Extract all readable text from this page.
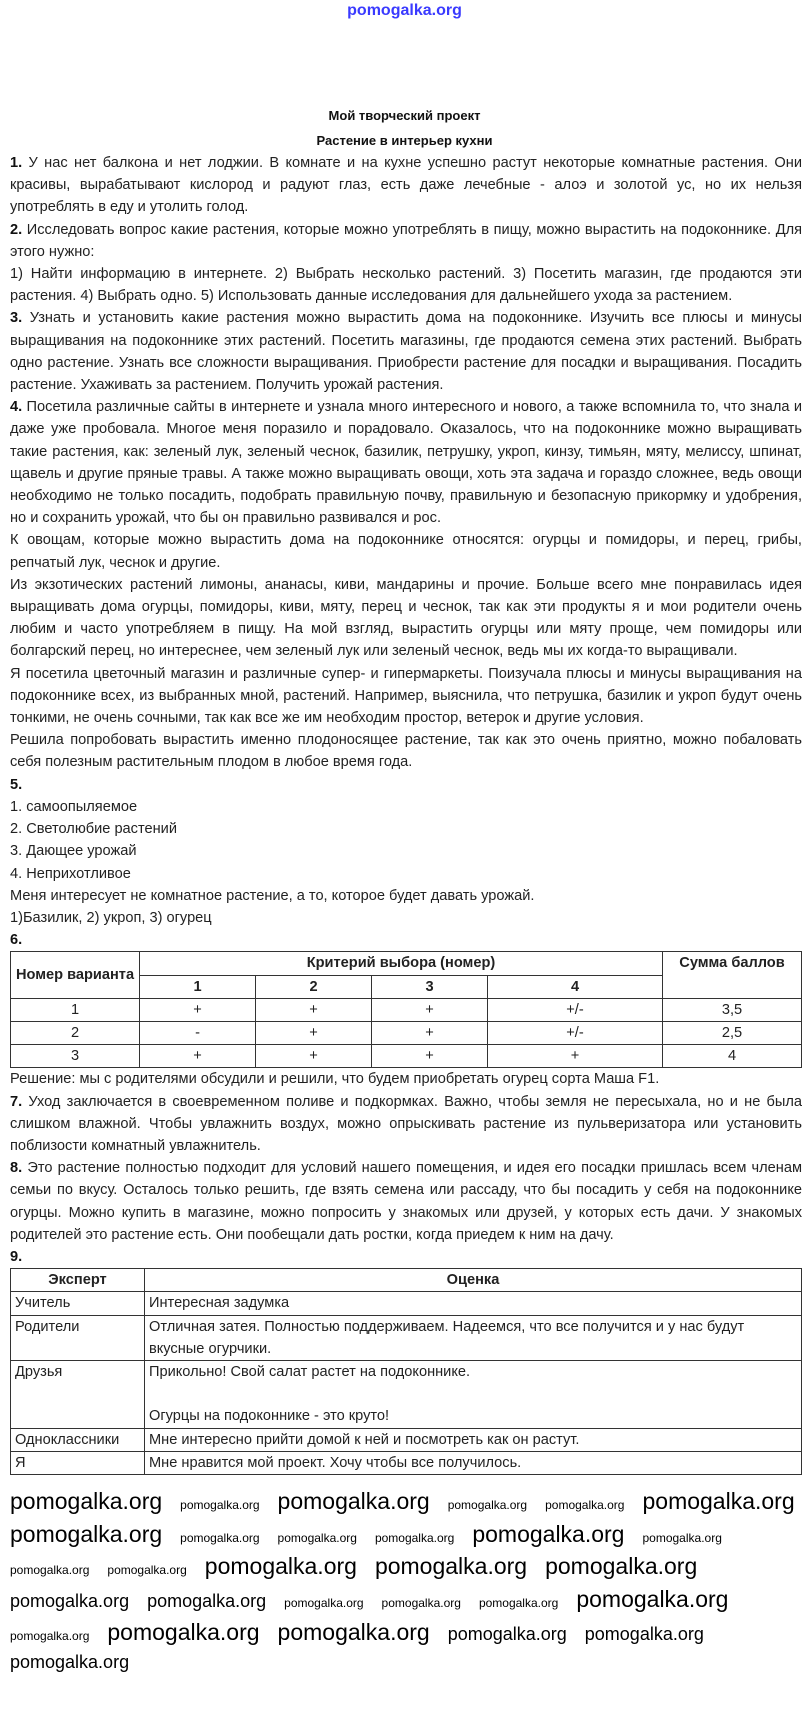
pomogalka.org
Мой творческий проект
Растение в интерьер кухни

1. У нас нет балкона и нет лоджии. В комнате и на кухне успешно растут некоторые комнатные растения. Они красивы, вырабатывают кислород и радуют глаз, есть даже лечебные - алоэ и золотой ус, но их нельзя употреблять в еду и утолить голод.

2. Исследовать вопрос какие растения, которые можно употреблять в пищу, можно вырастить на подоконнике. Для этого нужно:

1) Найти информацию в интернете. 2) Выбрать несколько растений. 3) Посетить магазин, где продаются эти растения. 4) Выбрать одно. 5) Использовать данные исследования для дальнейшего ухода за растением.

3. Узнать и установить какие растения можно вырастить дома на подоконнике. Изучить все плюсы и минусы выращивания на подоконнике этих растений. Посетить магазины, где продаются семена этих растений. Выбрать одно растение. Узнать все сложности выращивания. Приобрести растение для посадки и выращивания. Посадить растение. Ухаживать за растением. Получить урожай растения.

4. Посетила различные сайты в интернете и узнала много интересного и нового, а также вспомнила то, что знала и даже уже пробовала. Многое меня поразило и порадовало. Оказалось, что на подоконнике можно выращивать такие растения, как: зеленый лук, зеленый чеснок, базилик, петрушку, укроп, кинзу, тимьян, мяту, мелиссу, шпинат, щавель и другие пряные травы. А также можно выращивать овощи, хоть эта задача и гораздо сложнее, ведь овощи необходимо не только посадить, подобрать правильную почву, правильную и безопасную прикормку и удобрения, но и сохранить урожай, что бы он правильно развивался и рос.

К овощам, которые можно вырастить дома на подоконнике относятся: огурцы и помидоры, и перец, грибы, репчатый лук, чеснок и другие.

Из экзотических растений лимоны, ананасы, киви, мандарины и прочие. Больше всего мне понравилась идея выращивать дома огурцы, помидоры, киви, мяту, перец и чеснок, так как эти продукты я и мои родители очень любим и часто употребляем в пищу. На мой взгляд, вырастить огурцы или мяту проще, чем помидоры или болгарский перец, но интереснее, чем зеленый лук или зеленый чеснок, ведь мы их когда-то выращивали.

Я посетила цветочный магазин и различные супер- и гипермаркеты. Поизучала плюсы и минусы выращивания на подоконнике всех, из выбранных мной, растений. Например, выяснила, что петрушка, базилик и укроп будут очень тонкими, не очень сочными, так как все же им необходим простор, ветерок и другие условия.

Решила попробовать вырастить именно плодоносящее растение, так как это очень приятно, можно побаловать себя полезным растительным плодом в любое время года.

5.

1. самоопыляемое

2. Светолюбие растений

3. Дающее урожай

4. Неприхотливое

Меня интересует не комнатное растение, а то, которое будет давать урожай.

1)Базилик, 2) укроп, 3) огурец

6.

Номер варианта	Критерий выбора (номер)				Сумма баллов
	1	2	3	4	
1	+	+	+	+/-	3,5
2	-	+	+	+/-	2,5
3	+	+	+	+	4

Решение: мы с родителями обсудили и решили, что будем приобретать огурец сорта Маша F1.

7. Уход заключается в своевременном поливе и подкормках. Важно, чтобы земля не пересыхала, но и не была слишком влажной. Чтобы увлажнить воздух, можно опрыскивать растение из пульверизатора или установить поблизости комнатный увлажнитель.

8. Это растение полностью подходит для условий нашего помещения, и идея его посадки пришлась всем членам семьи по вкусу. Осталось только решить, где взять семена или рассаду, что бы посадить у себя на подоконнике огурцы. Можно купить в магазине, можно попросить у знакомых или друзей, у которых есть дачи. У знакомых родителей это растение есть. Они пообещали дать ростки, когда приедем к ним на дачу.

9.

Эксперт	Оценка
Учитель	Интересная задумка
Родители	Отличная затея. Полностью поддерживаем. Надеемся, что все получится и у нас будут вкусные огурчики.
Друзья	Прикольно! Свой салат растет на подоконнике.

Огурцы на подоконнике - это круто!
Одноклассники	Мне интересно прийти домой к ней и посмотреть как он растут.
Я	Мне нравится мой проект. Хочу чтобы все получилось.
pomogalka.org pomogalka.org pomogalka.org pomogalka.org pomogalka.org pomogalka.org
pomogalka.org pomogalka.org pomogalka.org pomogalka.org pomogalka.org pomogalka.org
pomogalka.org pomogalka.org pomogalka.org pomogalka.org pomogalka.org
pomogalka.org pomogalka.org pomogalka.org pomogalka.org pomogalka.org pomogalka.org
pomogalka.org pomogalka.org pomogalka.org pomogalka.org pomogalka.org
pomogalka.org
